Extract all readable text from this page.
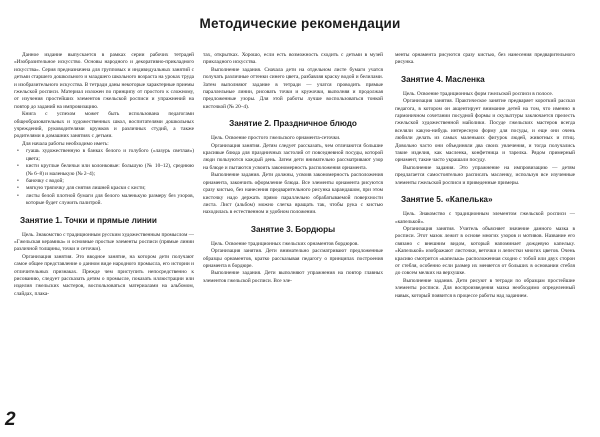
Методические рекомендации

Данное издание выпускается в рамках серии рабочих тетрадей «Изобразительное искусство. Основы народного и декоративно-прикладного искусства». Серия предназначена для групповых и индивидуальных занятий с детьми старшего дошкольного и младшего школьного возраста на уроках труда и изобразительного искусства. В тетради даны некоторые характерные приемы гжельской росписи. Материал изложен по принципу от простого к сложному, от изучения простейших элементов гжельской росписи и упражнений на повтор до заданий на импровизацию.

Книга с успехом может быть использована педагогами общеобразовательных и художественных школ, воспитателями дошкольных учреждений, руководителями кружков и различных студий, а также родителями в домашних занятиях с детьми.

Для начала работы необходимо иметь:

• гуашь художественную в банках белого и голубого («лазурь светлая») цвета;
• кисти круглые беличьи или колонковые: большую (№ 10–12), среднюю (№ 6–8) и маленькую (№ 2–4);
• баночку с водой;
• мягкую тряпочку для снятия лишней краски с кисти;
• листы белой плотной бумаги для белого маленькую размеру без узоров, которые будет служить палитрой.
Занятие 1. Точки и прямые линии

Цель. Знакомство с традиционным русским художественным промыслом — «Гжельская керамика» и основные простые элементы росписи (прямые линии различной толщины, точки и сеточки).

Организация занятия. Это вводное занятие, на котором дети получают самое общее представление о данном виде народного промысла, его истории и отличительных признаках. Прежде чем приступить непосредственно к рисованию, следует рассказать детям о промысле, показать иллюстрации или изделия гжельских мастеров, воспользоваться материалами на альбомом, слайдах, плака-

тах, открытках. Хорошо, если есть возможность сходить с детьми в музей прикладного искусства.

Выполнение задания. Сначала дети на отдельном листе бумаги учатся получать различные оттенки синего цвета, разбавляя краску водой и белилами. Затем выполняют задание в тетради — учатся проводить прямые параллельные линии, рисовать точки и кружочки, выполняя и продолжая предложенные узоры. Для этой работы лучше воспользоваться тонкой кисточкой (№ 20–4).

Занятие 2. Праздничное блюдо

Цель. Освоение простого гжельского орнамента-сеточки.

Организация занятия. Детям следует рассказать, чем отличаются большие красивые блюда для праздничных застолий от повседневной посуды, которой люди пользуются каждый день. Затем дети внимательно рассматривают узор на блюде и пытаются усвоить закономерность расположения орнамента.

Выполнение задания. Дети должны, усвоив закономерность расположения орнамента, закончить оформление блюда. Все элементы орнамента рисуются сразу кистью, без нанесения предварительного рисунка карандашом, при этом кисточку надо держать прямо параллельно обрабатываемой поверхности листа. Лист (альбом) можно слегка вращать так, чтобы рука с кистью находилась в естественном и удобном положении.

Занятие 3. Бордюры

Цель. Освоение традиционных гжельских орнаментов бордюров.

Организация занятия. Дети внимательно рассматривают предложенные образцы орнаментов, кратко рассказывая педагогу о принципах построения орнамента в бордюре.

Выполнение задания. Дети выполняют упражнения на повтор главных элементов гжельской росписи. Все эле-

менты орнамента рисуются сразу кистью, без нанесения предварительного рисунка.

Занятие 4. Масленка

Цель. Освоение традиционных форм гжельской росписи в полосе.

Организация занятия. Практическое занятие предваряет короткий рассказ педагога, в котором он акцентирует внимание детей на том, что именно в гармоничном сочетании посудной формы и скульптуры заключается прелесть гжельской художественной майолики. Посуде гжельских мастеров всегда вселяли какую-нибудь интересную форму для посуды, и еще они очень любили делать из самых маленьких фигурок людей, животных и птиц. Довольно часто они объединяли два своих увлечения, и тогда получались такие изделия, как масленка, конфетница и тарелка. Рядом примерный орнамент, такие часто украшали посуду.

Выполнение задания. Это упражнение на импровизацию — детям предлагается самостоятельно расписать масленку, используя все изученные элементы гжельской росписи и приведенные примеры.

Занятие 5. «Капелька»

Цель. Знакомство с традиционным элементом гжельской росписи — «капелькой».

Организация занятия. Учитель объясняет значение данного мазка в росписи. Этот мазок лежит в основе многих узоров и мотивов. Название его связано с внешним видом, который напоминает дождевую капельку. «Капелькой» изображают листочки, веточки и лепестки многих цветов. Очень красиво смотрится «капелька» расположенная сходно с тобой или двух сторон от стебля, особенно если размер их меняется от больших в основании стебля до совсем мелких на верхушке.

Выполнение задания. Дети рисуют в тетради по образцам простейшие элементы росписи. Для воспроизведения мазка необходимо определенный навык, который появится в процессе работы над заданием.

2
